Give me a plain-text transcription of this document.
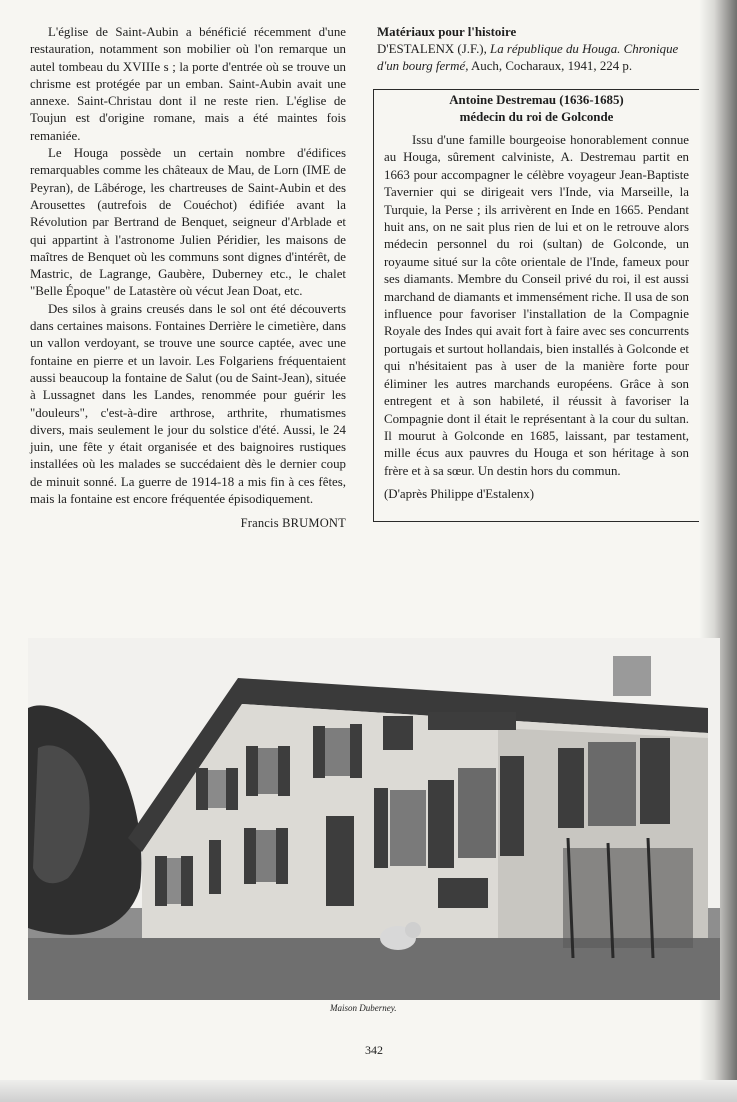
L'église de Saint-Aubin a bénéficié récemment d'une restauration, notamment son mobilier où l'on remarque un autel tombeau du XVIIIe s ; la porte d'entrée où se trouve un chrisme est protégée par un emban. Saint-Aubin avait une annexe. Saint-Christau dont il ne reste rien. L'église de Toujun est d'origine romane, mais a été maintes fois remaniée.

Le Houga possède un certain nombre d'édifices remarquables comme les châteaux de Mau, de Lorn (IME de Peyran), de Lâbéroge, les chartreuses de Saint-Aubin et des Arousettes (autrefois de Couéchot) édifiée avant la Révolution par Bertrand de Benquet, seigneur d'Arblade et qui appartint à l'astronome Julien Péridier, les maisons de maîtres de Benquet où les communs sont dignes d'intérêt, de Mastric, de Lagrange, Gaubère, Duberney etc., le chalet "Belle Époque" de Latastère où vécut Jean Doat, etc.

Des silos à grains creusés dans le sol ont été découverts dans certaines maisons. Fontaines Derrière le cimetière, dans un vallon verdoyant, se trouve une source captée, avec une fontaine en pierre et un lavoir. Les Folgariens fréquentaient aussi beaucoup la fontaine de Salut (ou de Saint-Jean), située à Lussagnet dans les Landes, renommée pour guérir les "douleurs", c'est-à-dire arthrose, arthrite, rhumatismes divers, mais seulement le jour du solstice d'été. Aussi, le 24 juin, une fête y était organisée et des baignoires rustiques installées où les malades se succédaient dès le dernier coup de minuit sonné. La guerre de 1914-18 a mis fin à ces fêtes, mais la fontaine est encore fréquentée épisodiquement.

Francis BRUMONT
Matériaux pour l'histoire
D'ESTALENX (J.F.), La république du Houga. Chronique d'un bourg fermé, Auch, Cocharaux, 1941, 224 p.
Antoine Destremau (1636-1685)
médecin du roi de Golconde

Issu d'une famille bourgeoise honorablement connue au Houga, sûrement calviniste, A. Destremau partit en 1663 pour accompagner le célèbre voyageur Jean-Baptiste Tavernier qui se dirigeait vers l'Inde, via Marseille, la Turquie, la Perse ; ils arrivèrent en Inde en 1665. Pendant huit ans, on ne sait plus rien de lui et on le retrouve alors médecin personnel du roi (sultan) de Golconde, un royaume situé sur la côte orientale de l'Inde, fameux pour ses diamants. Membre du Conseil privé du roi, il est aussi marchand de diamants et immensément riche. Il usa de son influence pour favoriser l'installation de la Compagnie Royale des Indes qui avait fort à faire avec ses concurrents portugais et surtout hollandais, bien installés à Golconde et qui n'hésitaient pas à user de la manière forte pour éliminer les autres marchands européens. Grâce à son entregent et à son habileté, il réussit à favoriser la Compagnie dont il était le représentant à la cour du sultan. Il mourut à Golconde en 1685, laissant, par testament, mille écus aux pauvres du Houga et son héritage à son frère et à sa sœur. Un destin hors du commun.

(D'après Philippe d'Estalenx)
Maison Duberney.
342
